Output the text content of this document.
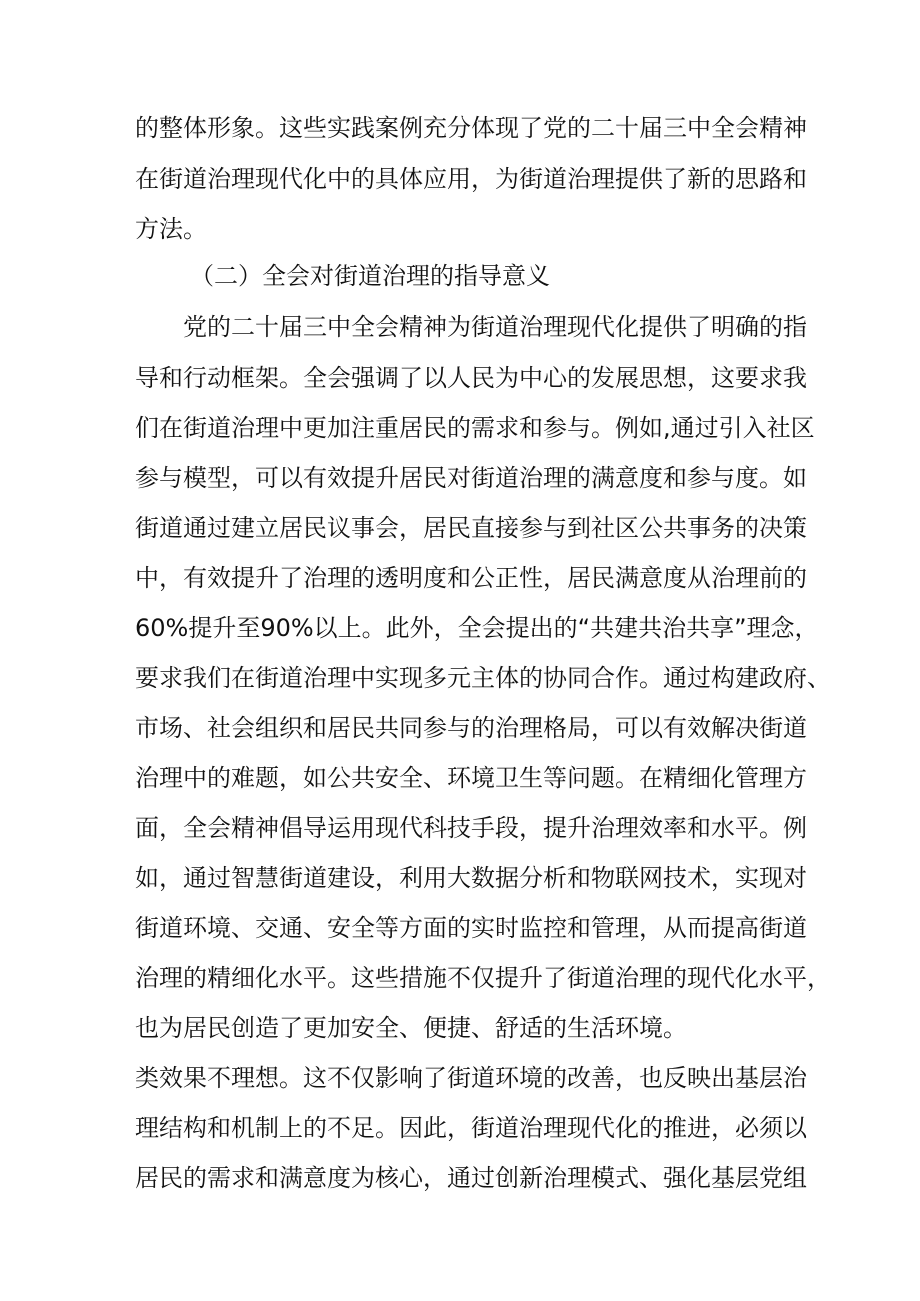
的整体形象。这些实践案例充分体现了党的二十届三中全会精神
在街道治理现代化中的具体应用，为街道治理提供了新的思路和
方法。
（二）全会对街道治理的指导意义
党的二十届三中全会精神为街道治理现代化提供了明确的指
导和行动框架。全会强调了以人民为中心的发展思想，这要求我
们在街道治理中更加注重居民的需求和参与。例如,通过引入社区
参与模型，可以有效提升居民对街道治理的满意度和参与度。如
街道通过建立居民议事会，居民直接参与到社区公共事务的决策
中，有效提升了治理的透明度和公正性，居民满意度从治理前的
60%提升至90%以上。此外，全会提出的“共建共治共享”理念，
要求我们在街道治理中实现多元主体的协同合作。通过构建政府、
市场、社会组织和居民共同参与的治理格局，可以有效解决街道
治理中的难题，如公共安全、环境卫生等问题。在精细化管理方
面，全会精神倡导运用现代科技手段，提升治理效率和水平。例
如，通过智慧街道建设，利用大数据分析和物联网技术，实现对
街道环境、交通、安全等方面的实时监控和管理，从而提高街道
治理的精细化水平。这些措施不仅提升了街道治理的现代化水平，
也为居民创造了更加安全、便捷、舒适的生活环境。
类效果不理想。这不仅影响了街道环境的改善，也反映出基层治
理结构和机制上的不足。因此，街道治理现代化的推进，必须以
居民的需求和满意度为核心，通过创新治理模式、强化基层党组
